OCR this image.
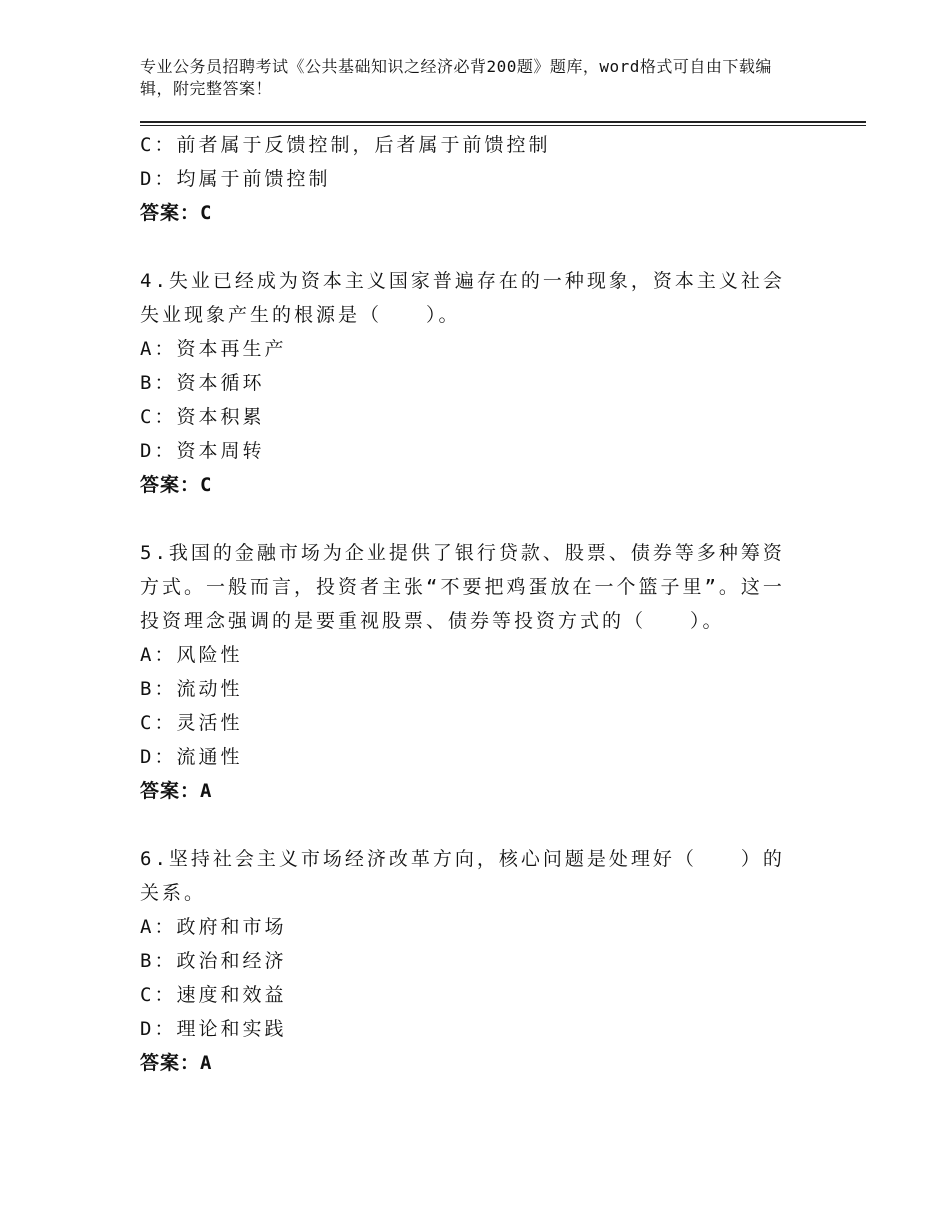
专业公务员招聘考试《公共基础知识之经济必背200题》题库，word格式可自由下载编辑，附完整答案！
C：前者属于反馈控制，后者属于前馈控制
D：均属于前馈控制
答案：C
4.失业已经成为资本主义国家普遍存在的一种现象，资本主义社会失业现象产生的根源是（　　）。
A：资本再生产
B：资本循环
C：资本积累
D：资本周转
答案：C
5.我国的金融市场为企业提供了银行贷款、股票、债券等多种筹资方式。一般而言，投资者主张“不要把鸡蛋放在一个篮子里”。这一投资理念强调的是要重视股票、债券等投资方式的（　　）。
A：风险性
B：流动性
C：灵活性
D：流通性
答案：A
6.坚持社会主义市场经济改革方向，核心问题是处理好（　　）的关系。
A：政府和市场
B：政治和经济
C：速度和效益
D：理论和实践
答案：A
